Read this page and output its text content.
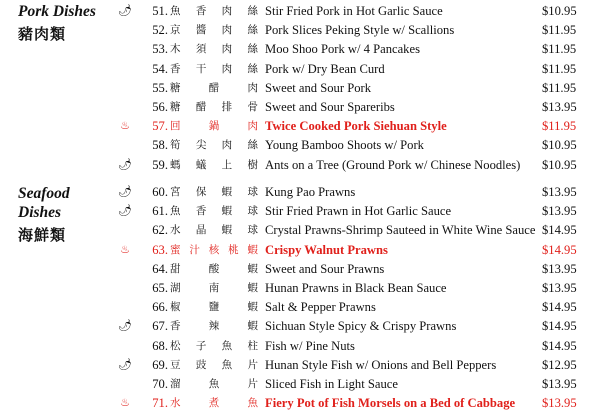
Pork Dishes
豬肉類
Seafood
Dishes
海鮮類
🌶
51. 魚 香 肉 絲 Stir Fried Pork in Hot Garlic Sauce	$10.95
52. 京 醬 肉 絲 Pork Slices Peking Style w/ Scallions	$11.95
53. 木 須 肉 絲 Moo Shoo Pork w/ 4 Pancakes	$11.95
54. 香 干 肉 絲 Pork w/ Dry Bean Curd	$11.95
55. 糖	醋	肉 Sweet and Sour Pork	$11.95
56. 糖 醋 排 骨 Sweet and Sour Spareribs	$13.95
♨
57. 回	鍋	肉 Twice Cooked Pork Siehuan Style	$11.95
58. 筍 尖 肉 絲 Young Bamboo Shoots w/ Pork	$10.95
🌶
59. 螞 蟻 上 樹 Ants on a Tree (Ground Pork w/ Chinese Noodles) $10.95
🌶
60. 宮 保 蝦 球 Kung Pao Prawns	$13.95
🌶
61. 魚 香 蝦 球 Stir Fried Prawn in Hot Garlic Sauce	$13.95
62. 水 晶 蝦 球 Crystal Prawns-Shrimp Sauteed in White Wine Sauce $14.95
♨
63. 蜜 汁 核 桃 蝦 Crispy Walnut Prawns	$14.95
64. 甜	酸	蝦 Sweet and Sour Prawns	$13.95
65. 湖	南	蝦 Hunan Prawns in Black Bean Sauce	$13.95
66. 椒	鹽	蝦 Salt & Pepper Prawns	$14.95
🌶
67. 香	辣	蝦 Sichuan Style Spicy & Crispy Prawns	$14.95
68. 松 子 魚 柱 Fish w/ Pine Nuts	$14.95
🌶
69. 豆 豉 魚 片 Hunan Style Fish w/ Onions and Bell Peppers	$12.95
70. 溜	魚	片 Sliced Fish in Light Sauce	$13.95
♨
71. 水	煮	魚 Fiery Pot of Fish Morsels on a Bed of Cabbage $13.95
